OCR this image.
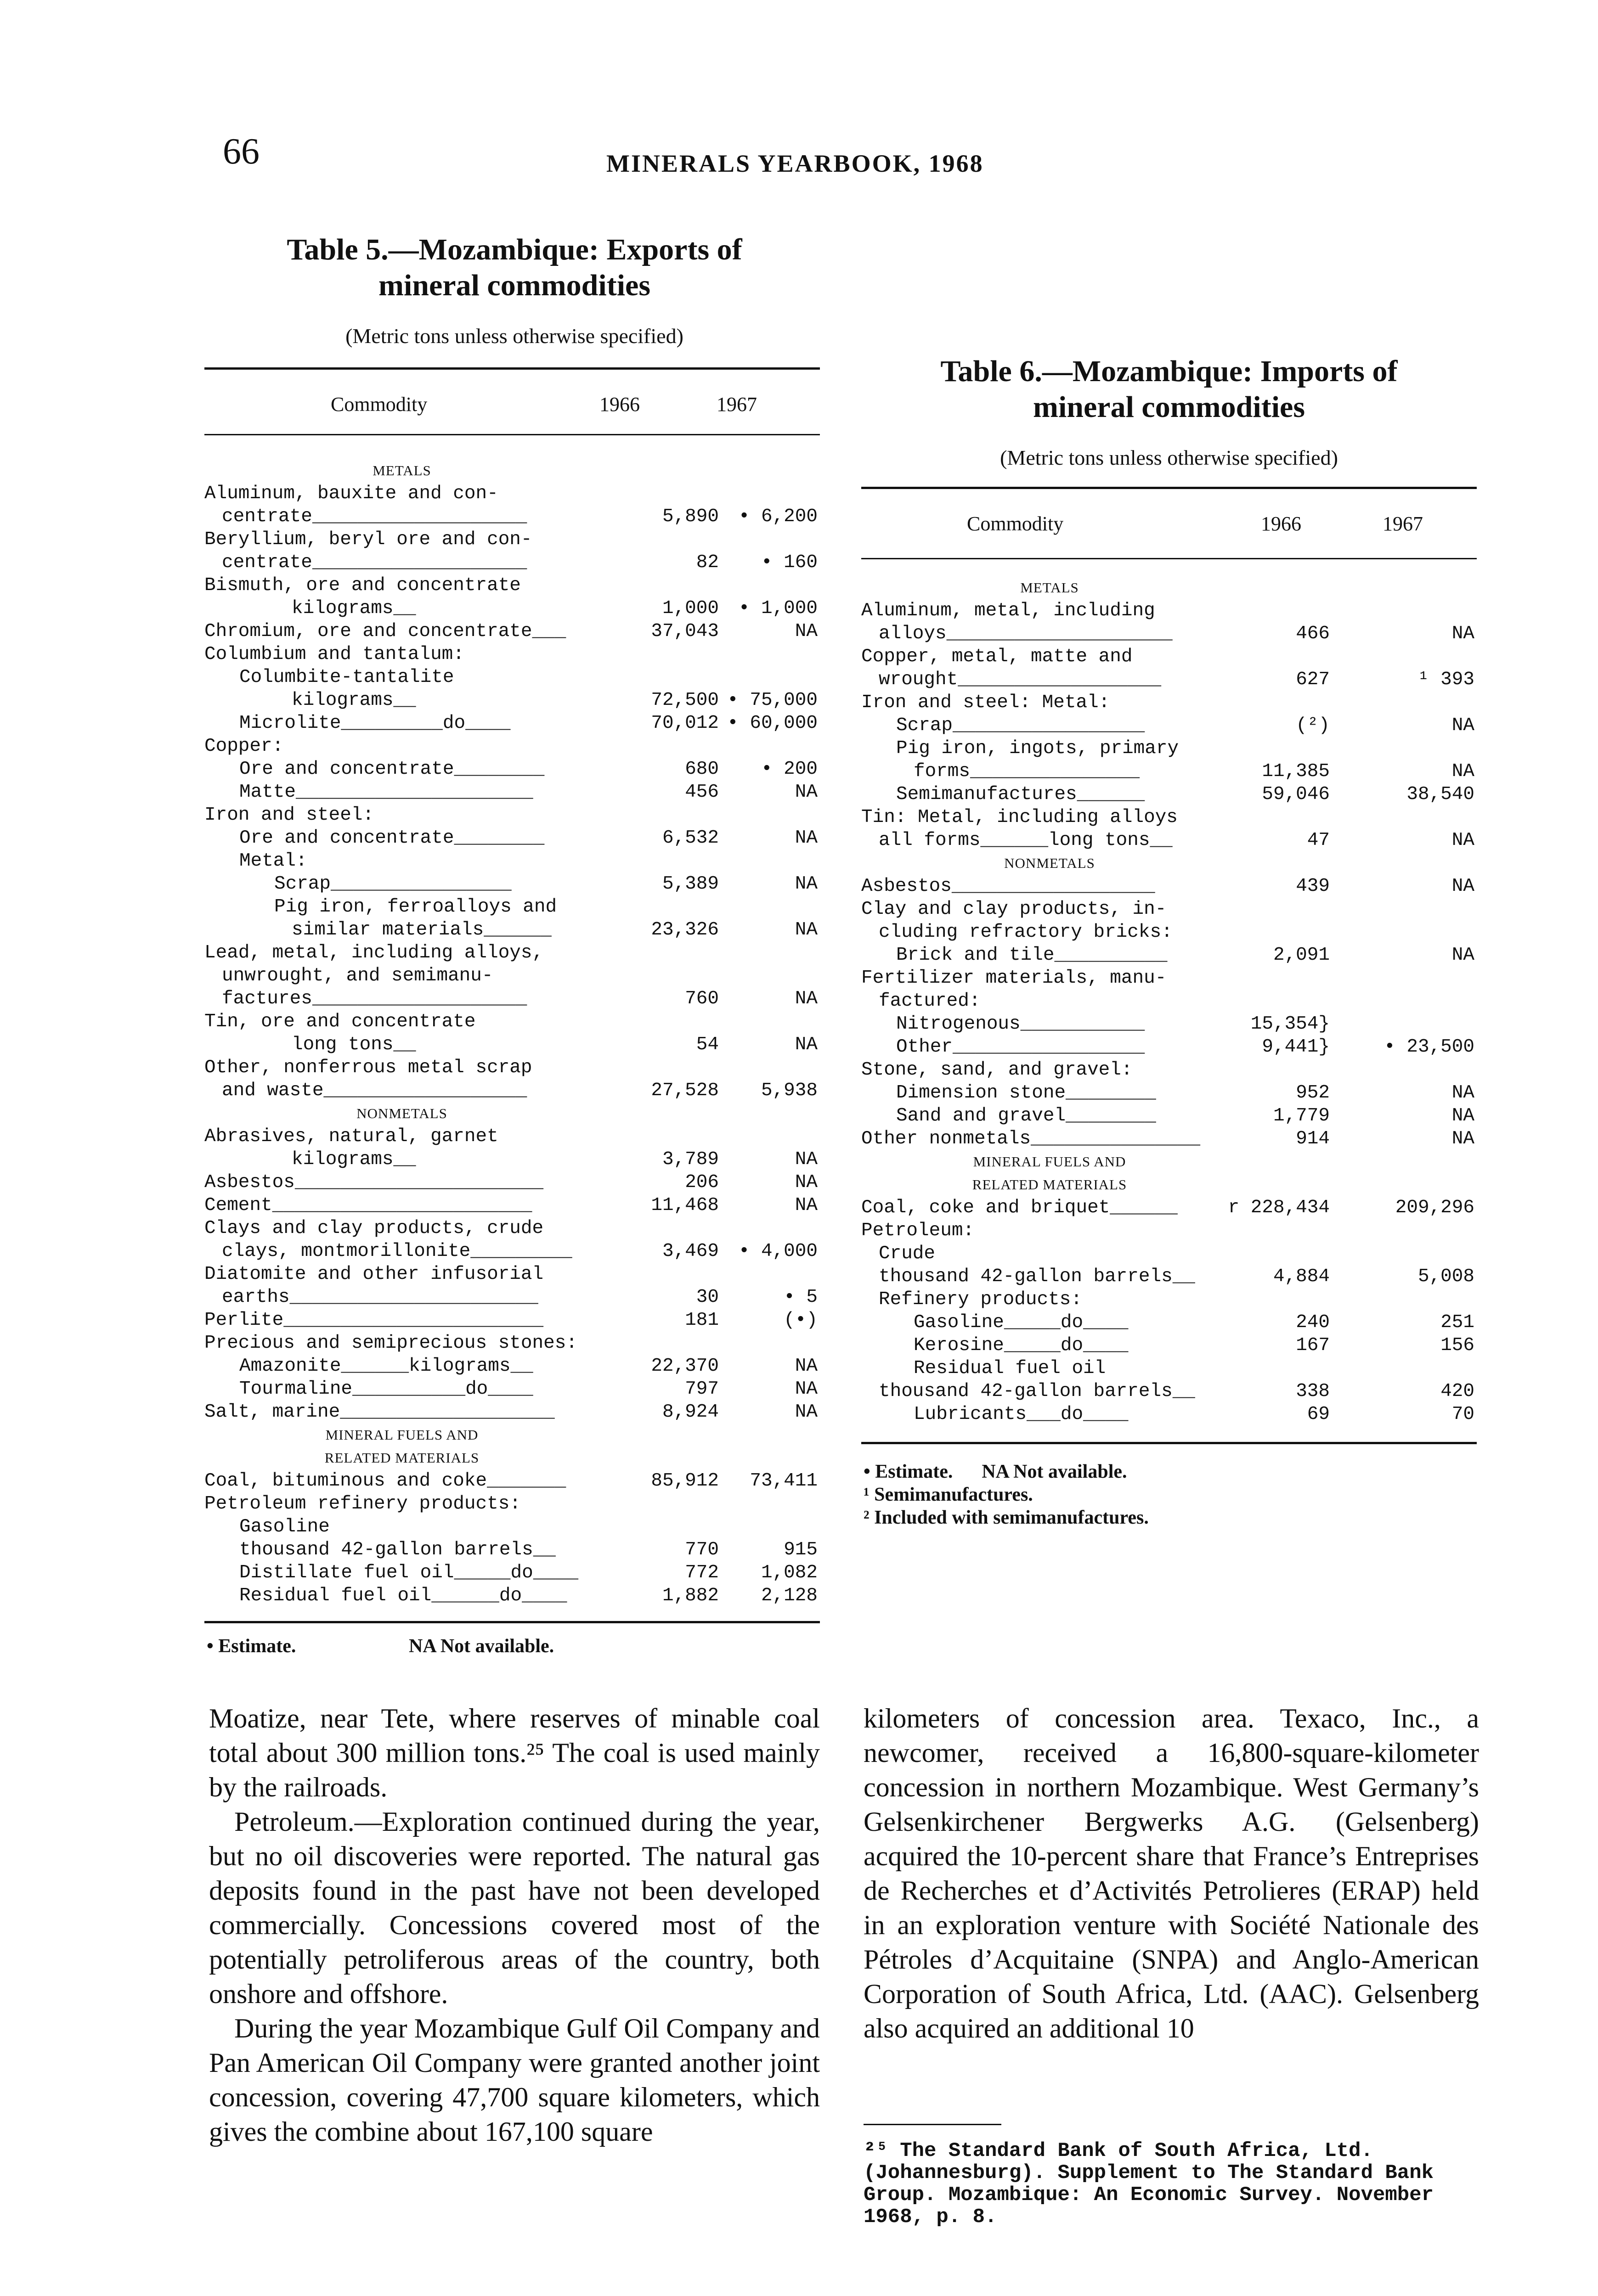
66	MINERALS YEARBOOK, 1968
Table 5.—Mozambique: Exports of
mineral commodities
(Metric tons unless otherwise specified)
Commodity	1966	1967
METALS
Aluminum, bauxite and con-
centrate___________________	5,890	• 6,200
Beryllium, beryl ore and con-
centrate___________________	82	• 160
Bismuth, ore and concentrate
kilograms__	1,000	• 1,000
Chromium, ore and concentrate___	37,043	NA
Columbium and tantalum:
Columbite-tantalite
kilograms__	72,500 • 75,000
Microlite_________do____	70,012 • 60,000
Copper:
Ore and concentrate________	680	• 200
Matte_____________________	456	NA
Iron and steel:
Ore and concentrate________	6,532	NA
Metal:
Scrap________________	5,389	NA
Pig iron, ferroalloys and
similar materials______	23,326	NA
Lead, metal, including alloys,
unwrought, and semimanu-
factures___________________	760	NA
Tin, ore and concentrate
long tons__	54	NA
Other, nonferrous metal scrap
and waste__________________	27,528	5,938
NONMETALS
Abrasives, natural, garnet
kilograms__	3,789	NA
Asbestos______________________	206	NA
Cement_______________________	11,468	NA
Clays and clay products, crude
clays, montmorillonite_________	3,469	• 4,000
Diatomite and other infusorial
earths______________________	30	• 5
Perlite_______________________	181	(•)
Precious and semiprecious stones:
Amazonite______kilograms__	22,370	NA
Tourmaline__________do____	797	NA
Salt, marine___________________	8,924	NA
MINERAL FUELS AND
RELATED MATERIALS
Coal, bituminous and coke_______	85,912	73,411
Petroleum refinery products:
Gasoline
thousand 42-gallon barrels__	770	915
Distillate fuel oil_____do____	772	1,082
Residual fuel oil______do____	1,882	2,128
• Estimate.	NA Not available.
Table 6.—Mozambique: Imports of
mineral commodities
(Metric tons unless otherwise specified)
Commodity	1966	1967
METALS
Aluminum, metal, including
alloys____________________	466	NA
Copper, metal, matte and
wrought__________________	627	¹ 393
Iron and steel: Metal:
Scrap_________________	(²)	NA
Pig iron, ingots, primary
forms_______________	11,385	NA
Semimanufactures______	59,046	38,540
Tin: Metal, including alloys
all forms______long tons__	47	NA
NONMETALS
Asbestos__________________	439	NA
Clay and clay products, in-
cluding refractory bricks:
Brick and tile__________	2,091	NA
Fertilizer materials, manu-
factured:
Nitrogenous___________	15,354}
Other_________________	9,441}	• 23,500
Stone, sand, and gravel:
Dimension stone________	952	NA
Sand and gravel________	1,779	NA
Other nonmetals_______________	914	NA
MINERAL FUELS AND
RELATED MATERIALS
Coal, coke and briquet______	r 228,434	209,296
Petroleum:
Crude
thousand 42-gallon barrels__	4,884	5,008
Refinery products:
Gasoline_____do____	240	251
Kerosine_____do____	167	156
Residual fuel oil
thousand 42-gallon barrels__	338	420
Lubricants___do____	69	70
• Estimate.      NA Not available.
¹ Semimanufactures.
² Included with semimanufactures.

Moatize, near Tete, where reserves of minable coal total about 300 million tons.²⁵ The coal is used mainly by the railroads.

Petroleum.—Exploration continued during the year, but no oil discoveries were reported. The natural gas deposits found in the past have not been developed commercially. Concessions covered most of the potentially petroliferous areas of the country, both onshore and offshore.

During the year Mozambique Gulf Oil Company and Pan American Oil Company were granted another joint concession, covering 47,700 square kilometers, which gives the combine about 167,100 square

kilometers of concession area. Texaco, Inc., a newcomer, received a 16,800-square-kilometer concession in northern Mozambique. West Germany’s Gelsenkirchener Bergwerks A.G. (Gelsenberg) acquired the 10-percent share that France’s Entreprises de Recherches et d’Activités Petrolieres (ERAP) held in an exploration venture with Société Nationale des Pétroles d’Acquitaine (SNPA) and Anglo-American Corporation of South Africa, Ltd. (AAC). Gelsenberg also acquired an additional 10

²⁵ The Standard Bank of South Africa, Ltd. (Johannesburg). Supplement to The Standard Bank Group. Mozambique: An Economic Survey. November 1968, p. 8.
